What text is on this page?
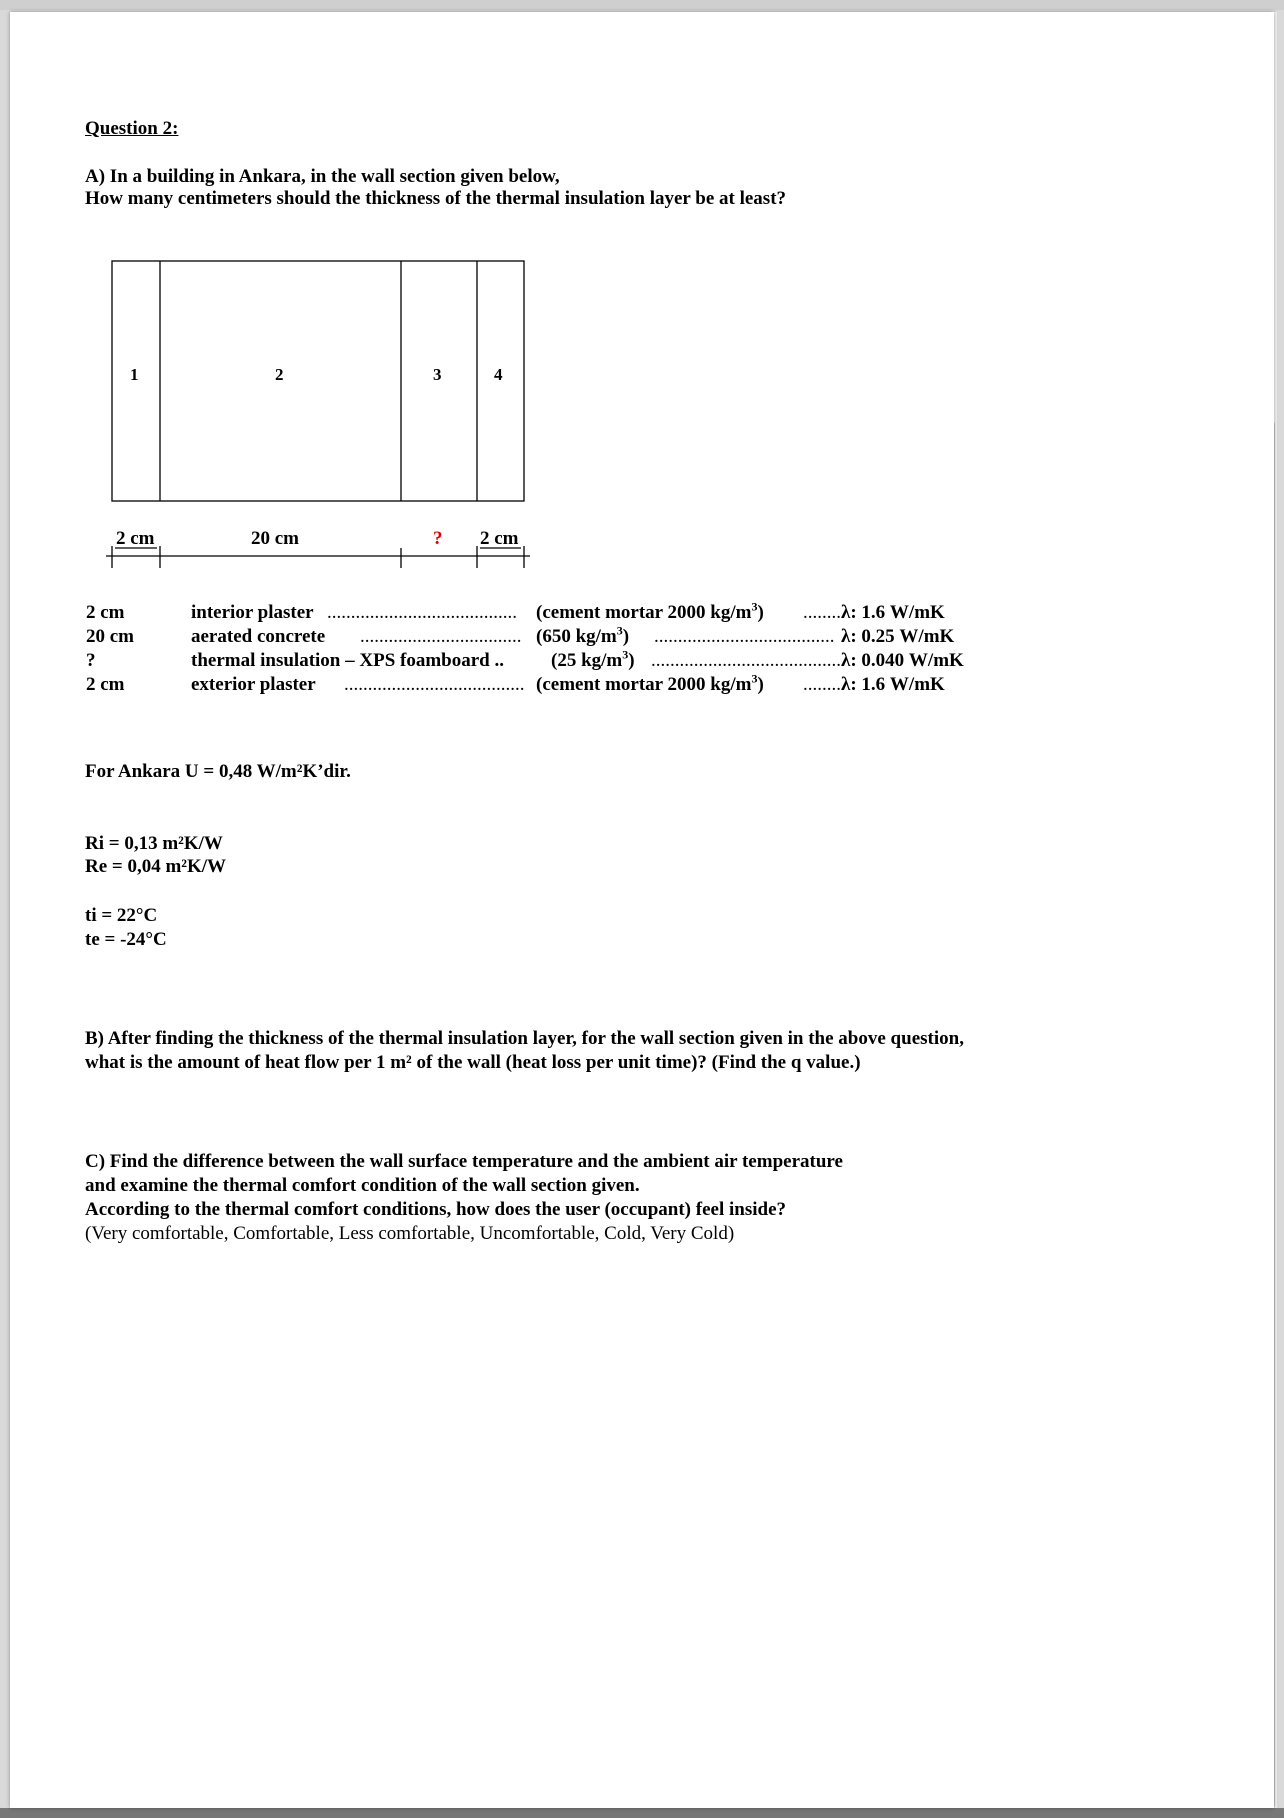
Question 2:
A) In a building in Ankara, in the wall section given below,
How many centimeters should the thickness of the thermal insulation layer be at least?
1	2	3	4
2 cm	20 cm	? 2 cm
2 cm	interior plaster ........................................ (cement mortar 2000 $kg/m^3$) ........ λ: 1.6 W/mK
20 cm	aerated concrete .................................. (650 $kg/m^3$) ...................................... λ: 0.25 W/mK
?	thermal insulation – XPS foamboard .. (25 $kg/m^3$) ........................................ λ: 0.040 W/mK
2 cm	exterior plaster ...................................... (cement mortar 2000 $kg/m^3$) ........ λ: 1.6 W/mK
For Ankara U = 0,48 W/m²K’dir.
Ri = 0,13 m²K/W
Re = 0,04 m²K/W
ti = 22°C
te = -24°C
B) After finding the thickness of the thermal insulation layer, for the wall section given in the above question,
what is the amount of heat flow per 1 m² of the wall (heat loss per unit time)? (Find the q value.)
C) Find the difference between the wall surface temperature and the ambient air temperature
and examine the thermal comfort condition of the wall section given.
According to the thermal comfort conditions, how does the user (occupant) feel inside?
(Very comfortable, Comfortable, Less comfortable, Uncomfortable, Cold, Very Cold)
